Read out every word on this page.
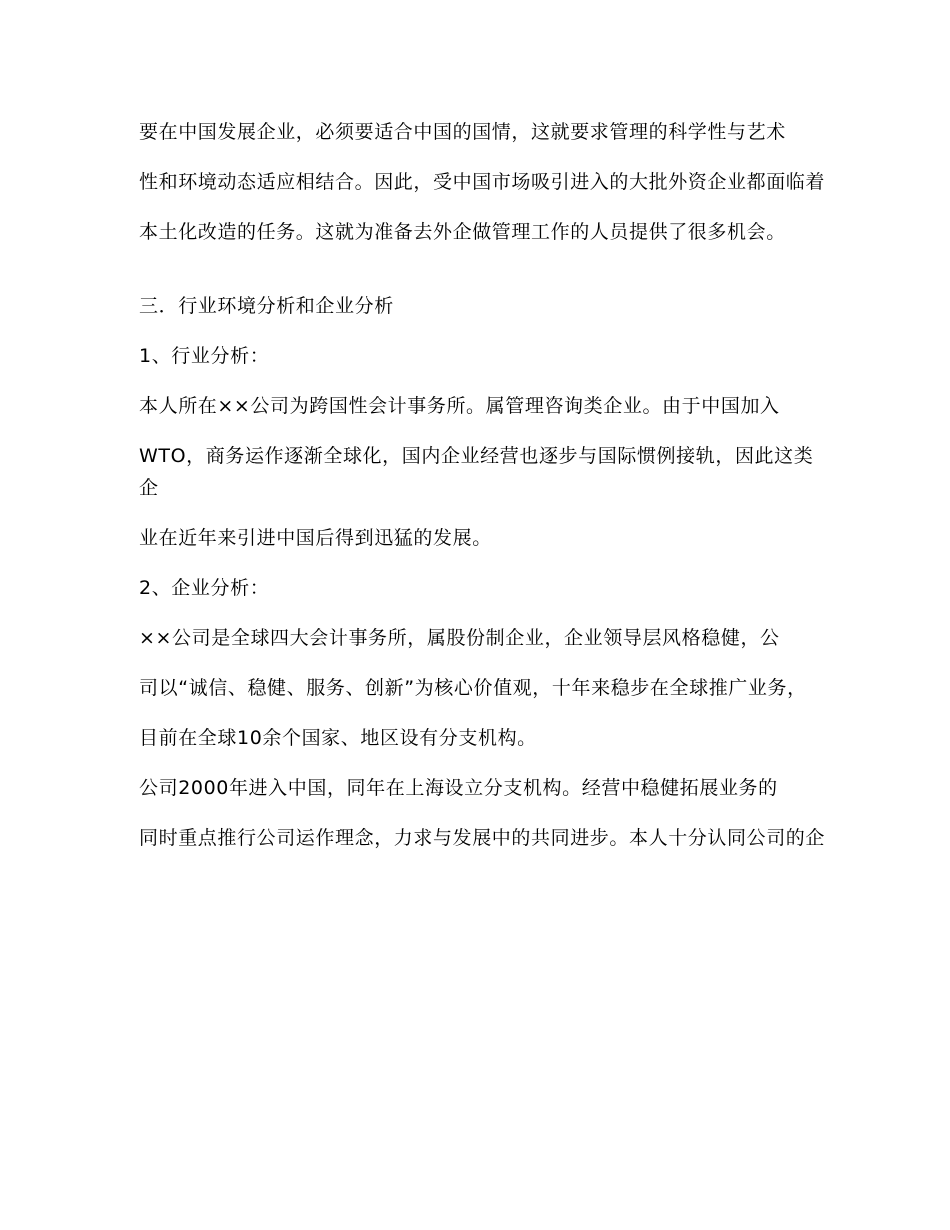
要在中国发展企业，必须要适合中国的国情，这就要求管理的科学性与艺术

性和环境动态适应相结合。因此，受中国市场吸引进入的大批外资企业都面临着

本土化改造的任务。这就为准备去外企做管理工作的人员提供了很多机会。

三．行业环境分析和企业分析

1、行业分析：

本人所在××公司为跨国性会计事务所。属管理咨询类企业。由于中国加入

WTO，商务运作逐渐全球化，国内企业经营也逐步与国际惯例接轨，因此这类企

业在近年来引进中国后得到迅猛的发展。

2、企业分析：

××公司是全球四大会计事务所，属股份制企业，企业领导层风格稳健，公

司以“诚信、稳健、服务、创新”为核心价值观，十年来稳步在全球推广业务，

目前在全球10余个国家、地区设有分支机构。

公司2000年进入中国，同年在上海设立分支机构。经营中稳健拓展业务的

同时重点推行公司运作理念，力求与发展中的共同进步。本人十分认同公司的企
